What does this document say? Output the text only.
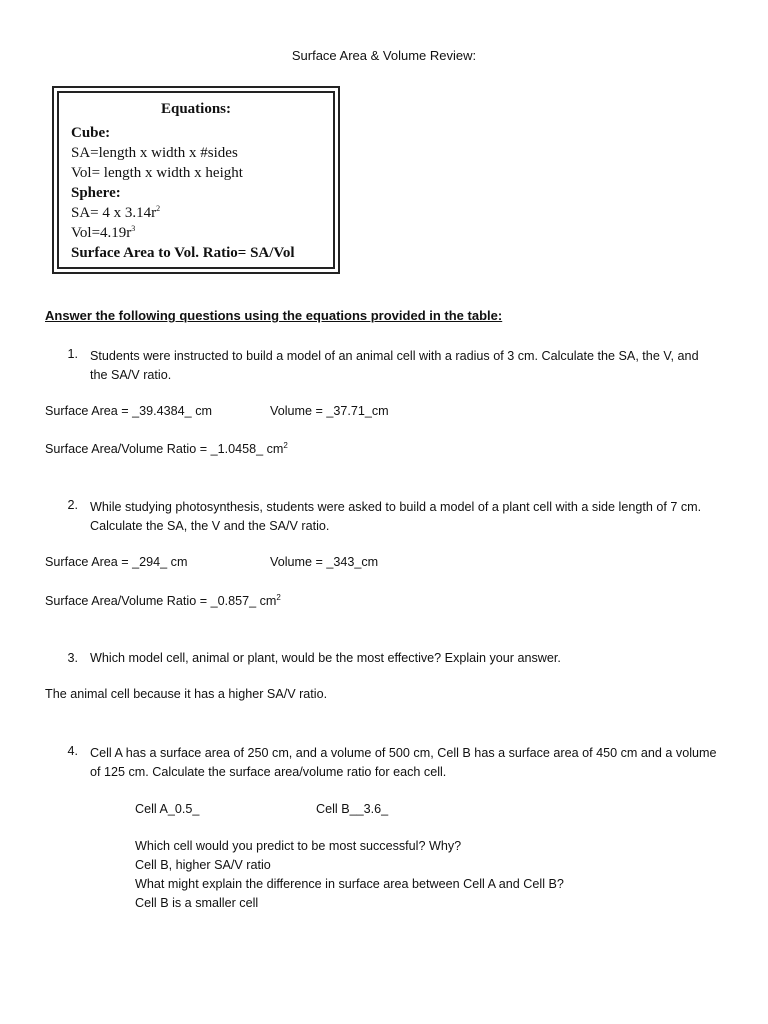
Surface Area & Volume Review:
Equations:
Cube:
SA=length x width x #sides
Vol= length x width x height
Sphere:
SA= 4 x $3.14r^2$
$Vol=4.19r^3$
Surface Area to Vol. Ratio= SA/Vol
Answer the following questions using the equations provided in the table:
1. Students were instructed to build a model of an animal cell with a radius of 3 cm. Calculate the SA, the V, and the SA/V ratio.
Surface Area = _39.4384_ cm	Volume = _37.71_cm
Surface Area/Volume Ratio = _1.0458_ $cm^2$
2. While studying photosynthesis, students were asked to build a model of a plant cell with a side length of 7 cm. Calculate the SA, the V and the SA/V ratio.
Surface Area = _294_ cm	Volume = _343_cm
Surface Area/Volume Ratio = _0.857_ $cm^2$
3. Which model cell, animal or plant, would be the most effective? Explain your answer.
The animal cell because it has a higher SA/V ratio.
4. Cell A has a surface area of 250 cm, and a volume of 500 cm, Cell B has a surface area of 450 cm and a volume of 125 cm. Calculate the surface area/volume ratio for each cell.
Cell A_0.5_	Cell B__3.6_
Which cell would you predict to be most successful? Why?
Cell B, higher SA/V ratio
What might explain the difference in surface area between Cell A and Cell B?
Cell B is a smaller cell
